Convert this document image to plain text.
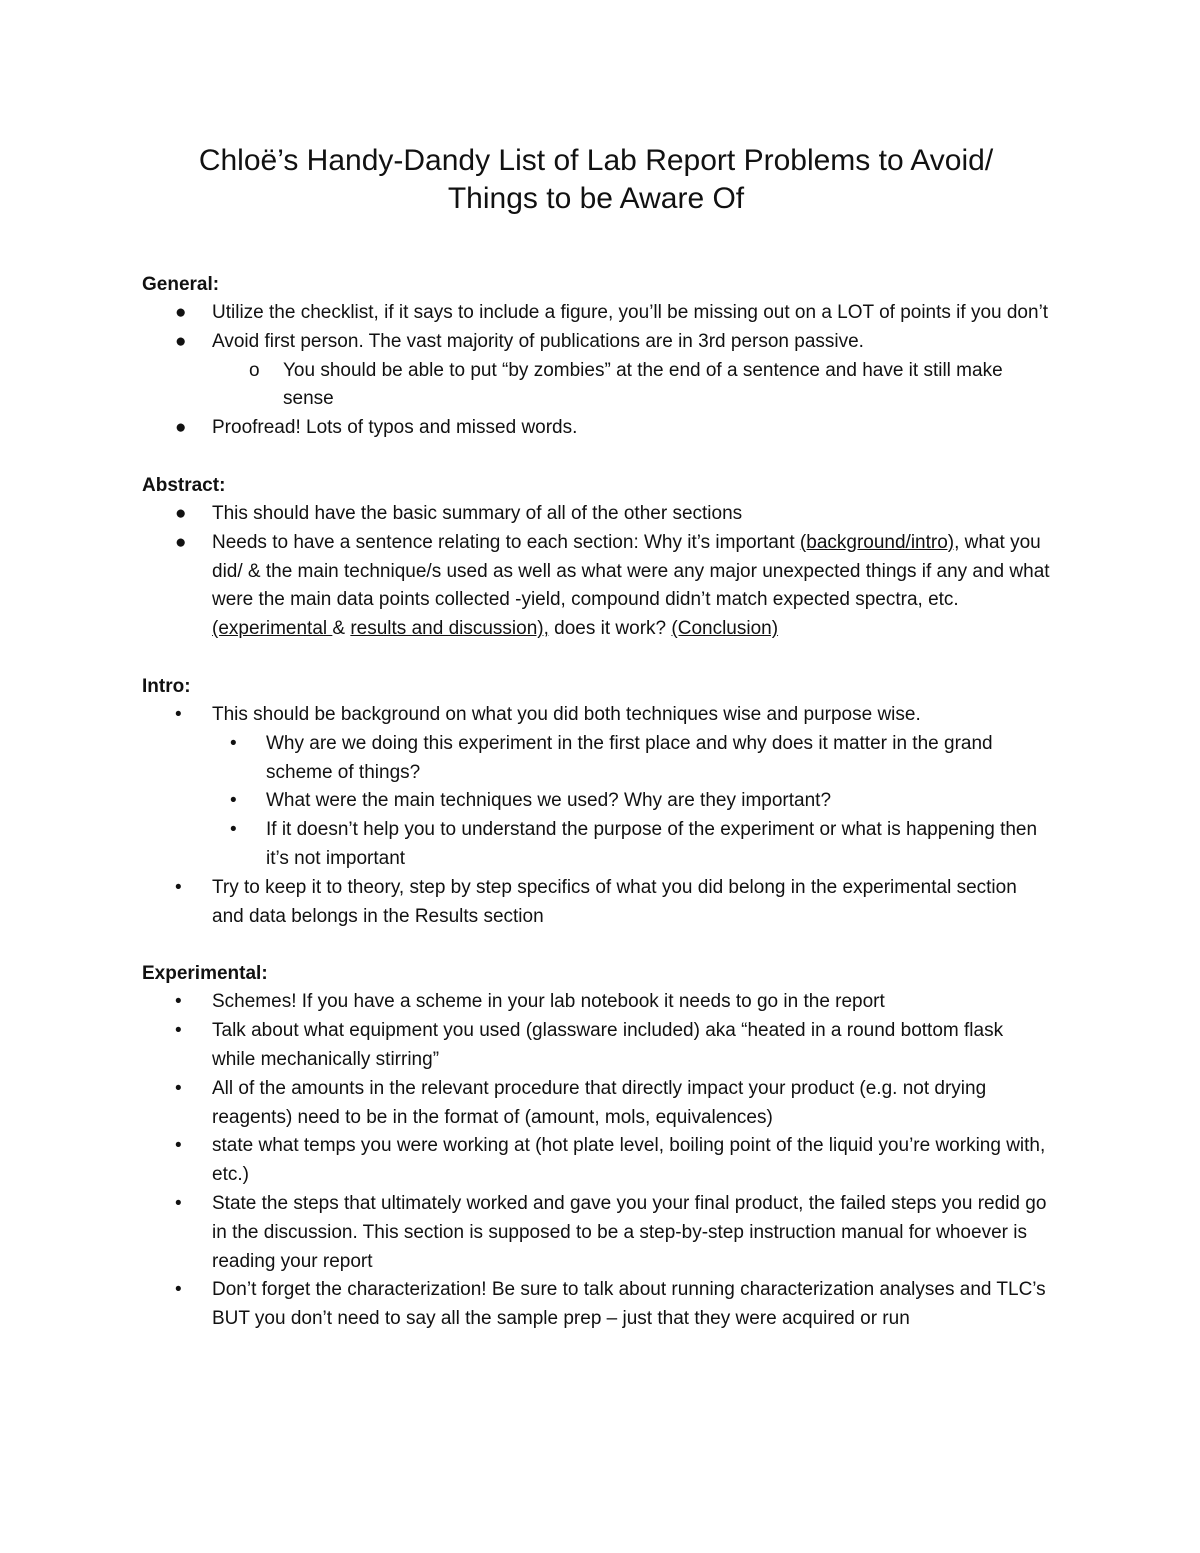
Chloë’s Handy-Dandy List of Lab Report Problems to Avoid/
Things to be Aware Of

General:

● Utilize the checklist, if it says to include a figure, you’ll be missing out on a LOT of points if you don’t
● Avoid first person. The vast majority of publications are in 3rd person passive.
o You should be able to put “by zombies” at the end of a sentence and have it still make sense
● Proofread! Lots of typos and missed words.

Abstract:

● This should have the basic summary of all of the other sections
● Needs to have a sentence relating to each section: Why it’s important (background/intro), what you did/ & the main technique/s used as well as what were any major unexpected things if any and what were the main data points collected -yield, compound didn’t match expected spectra, etc. (experimental & results and discussion), does it work? (Conclusion)

Intro:

• This should be background on what you did both techniques wise and purpose wise.
• Why are we doing this experiment in the first place and why does it matter in the grand scheme of things?
• What were the main techniques we used? Why are they important?
• If it doesn’t help you to understand the purpose of the experiment or what is happening then it’s not important
• Try to keep it to theory, step by step specifics of what you did belong in the experimental section and data belongs in the Results section

Experimental:

• Schemes! If you have a scheme in your lab notebook it needs to go in the report
• Talk about what equipment you used (glassware included) aka “heated in a round bottom flask while mechanically stirring”
• All of the amounts in the relevant procedure that directly impact your product (e.g. not drying reagents) need to be in the format of (amount, mols, equivalences)
• state what temps you were working at (hot plate level, boiling point of the liquid you’re working with, etc.)
• State the steps that ultimately worked and gave you your final product, the failed steps you redid go in the discussion. This section is supposed to be a step-by-step instruction manual for whoever is reading your report
• Don’t forget the characterization! Be sure to talk about running characterization analyses and TLC’s BUT you don’t need to say all the sample prep – just that they were acquired or run
